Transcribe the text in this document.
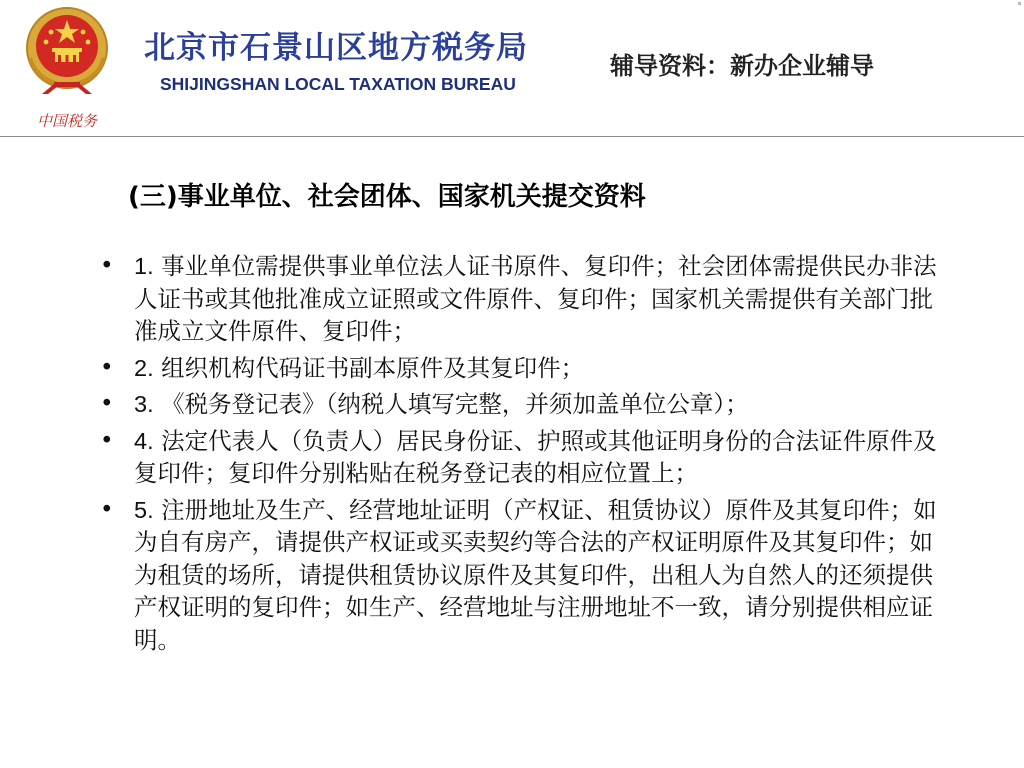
中国税务
北京市石景山区地方税务局
SHIJINGSHAN LOCAL TAXATION BUREAU
辅导资料：新办企业辅导
(三)事业单位、社会团体、国家机关提交资料
• 1. 事业单位需提供事业单位法人证书原件、复印件；社会团体需提供民办非法人证书或其他批准成立证照或文件原件、复印件；国家机关需提供有关部门批准成立文件原件、复印件；
• 2. 组织机构代码证书副本原件及其复印件；
• 3. 《税务登记表》（纳税人填写完整，并须加盖单位公章）；
• 4. 法定代表人（负责人）居民身份证、护照或其他证明身份的合法证件原件及复印件；复印件分别粘贴在税务登记表的相应位置上；
• 5. 注册地址及生产、经营地址证明（产权证、租赁协议）原件及其复印件；如为自有房产，请提供产权证或买卖契约等合法的产权证明原件及其复印件；如为租赁的场所，请提供租赁协议原件及其复印件，出租人为自然人的还须提供产权证明的复印件；如生产、经营地址与注册地址不一致，请分别提供相应证明。
